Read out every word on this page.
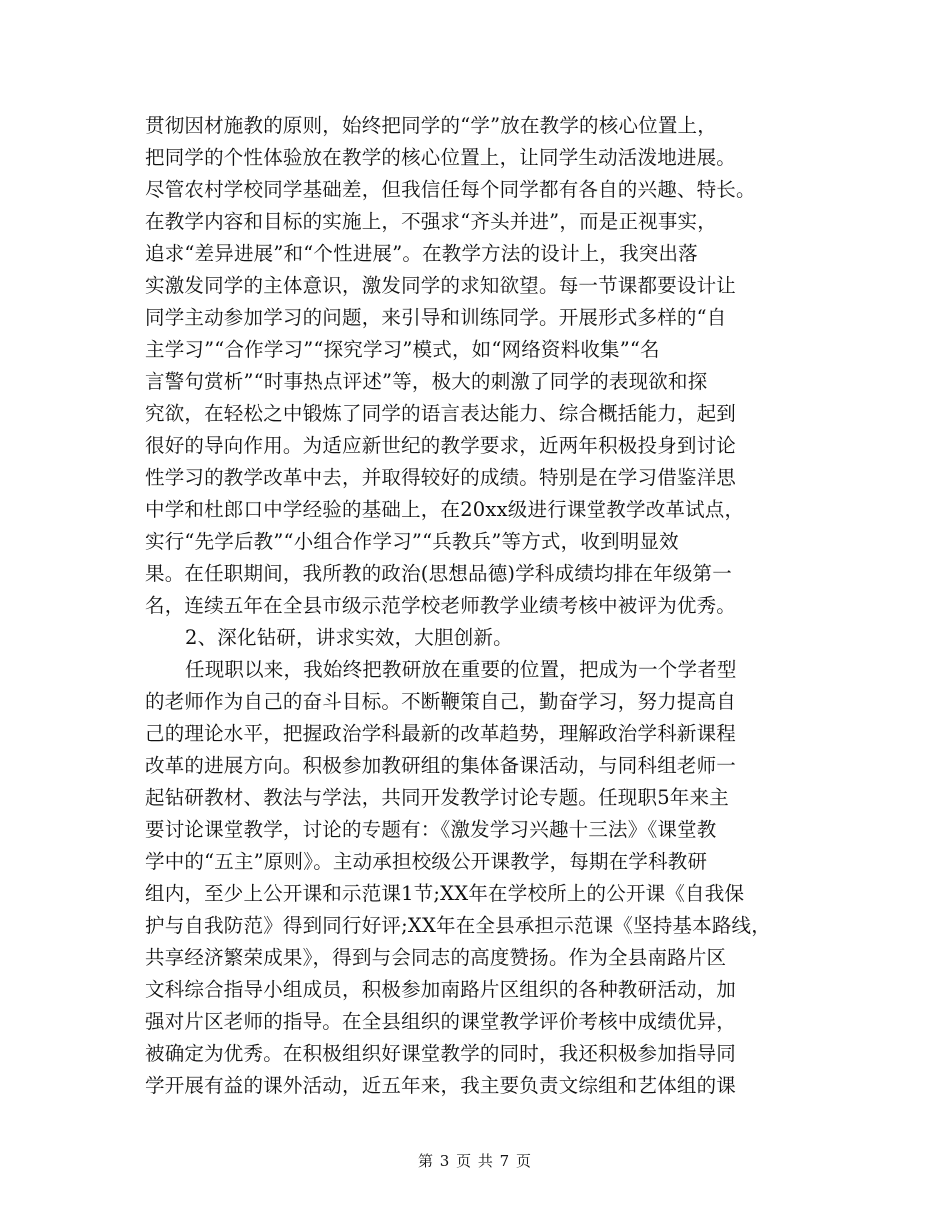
贯彻因材施教的原则，始终把同学的“学”放在教学的核心位置上，
把同学的个性体验放在教学的核心位置上，让同学生动活泼地进展。
尽管农村学校同学基础差，但我信任每个同学都有各自的兴趣、特长。
在教学内容和目标的实施上，不强求“齐头并进”，而是正视事实，
追求“差异进展”和“个性进展”。在教学方法的设计上，我突出落
实激发同学的主体意识，激发同学的求知欲望。每一节课都要设计让
同学主动参加学习的问题，来引导和训练同学。开展形式多样的“自
主学习”“合作学习”“探究学习”模式，如“网络资料收集”“名
言警句赏析”“时事热点评述”等，极大的刺激了同学的表现欲和探
究欲，在轻松之中锻炼了同学的语言表达能力、综合概括能力，起到
很好的导向作用。为适应新世纪的教学要求，近两年积极投身到讨论
性学习的教学改革中去，并取得较好的成绩。特别是在学习借鉴洋思
中学和杜郎口中学经验的基础上，在20xx级进行课堂教学改革试点，
实行“先学后教”“小组合作学习”“兵教兵”等方式，收到明显效
果。在任职期间，我所教的政治(思想品德)学科成绩均排在年级第一
名，连续五年在全县市级示范学校老师教学业绩考核中被评为优秀。
2、深化钻研，讲求实效，大胆创新。
任现职以来，我始终把教研放在重要的位置，把成为一个学者型
的老师作为自己的奋斗目标。不断鞭策自己，勤奋学习，努力提高自
己的理论水平，把握政治学科最新的改革趋势，理解政治学科新课程
改革的进展方向。积极参加教研组的集体备课活动，与同科组老师一
起钻研教材、教法与学法，共同开发教学讨论专题。任现职5年来主
要讨论课堂教学，讨论的专题有：《激发学习兴趣十三法》《课堂教
学中的“五主”原则》。主动承担校级公开课教学，每期在学科教研
组内，至少上公开课和示范课1节;XX年在学校所上的公开课《自我保
护与自我防范》得到同行好评;XX年在全县承担示范课《坚持基本路线，
共享经济繁荣成果》，得到与会同志的高度赞扬。作为全县南路片区
文科综合指导小组成员，积极参加南路片区组织的各种教研活动，加
强对片区老师的指导。在全县组织的课堂教学评价考核中成绩优异，
被确定为优秀。在积极组织好课堂教学的同时，我还积极参加指导同
学开展有益的课外活动，近五年来，我主要负责文综组和艺体组的课
第 3 页 共 7 页
